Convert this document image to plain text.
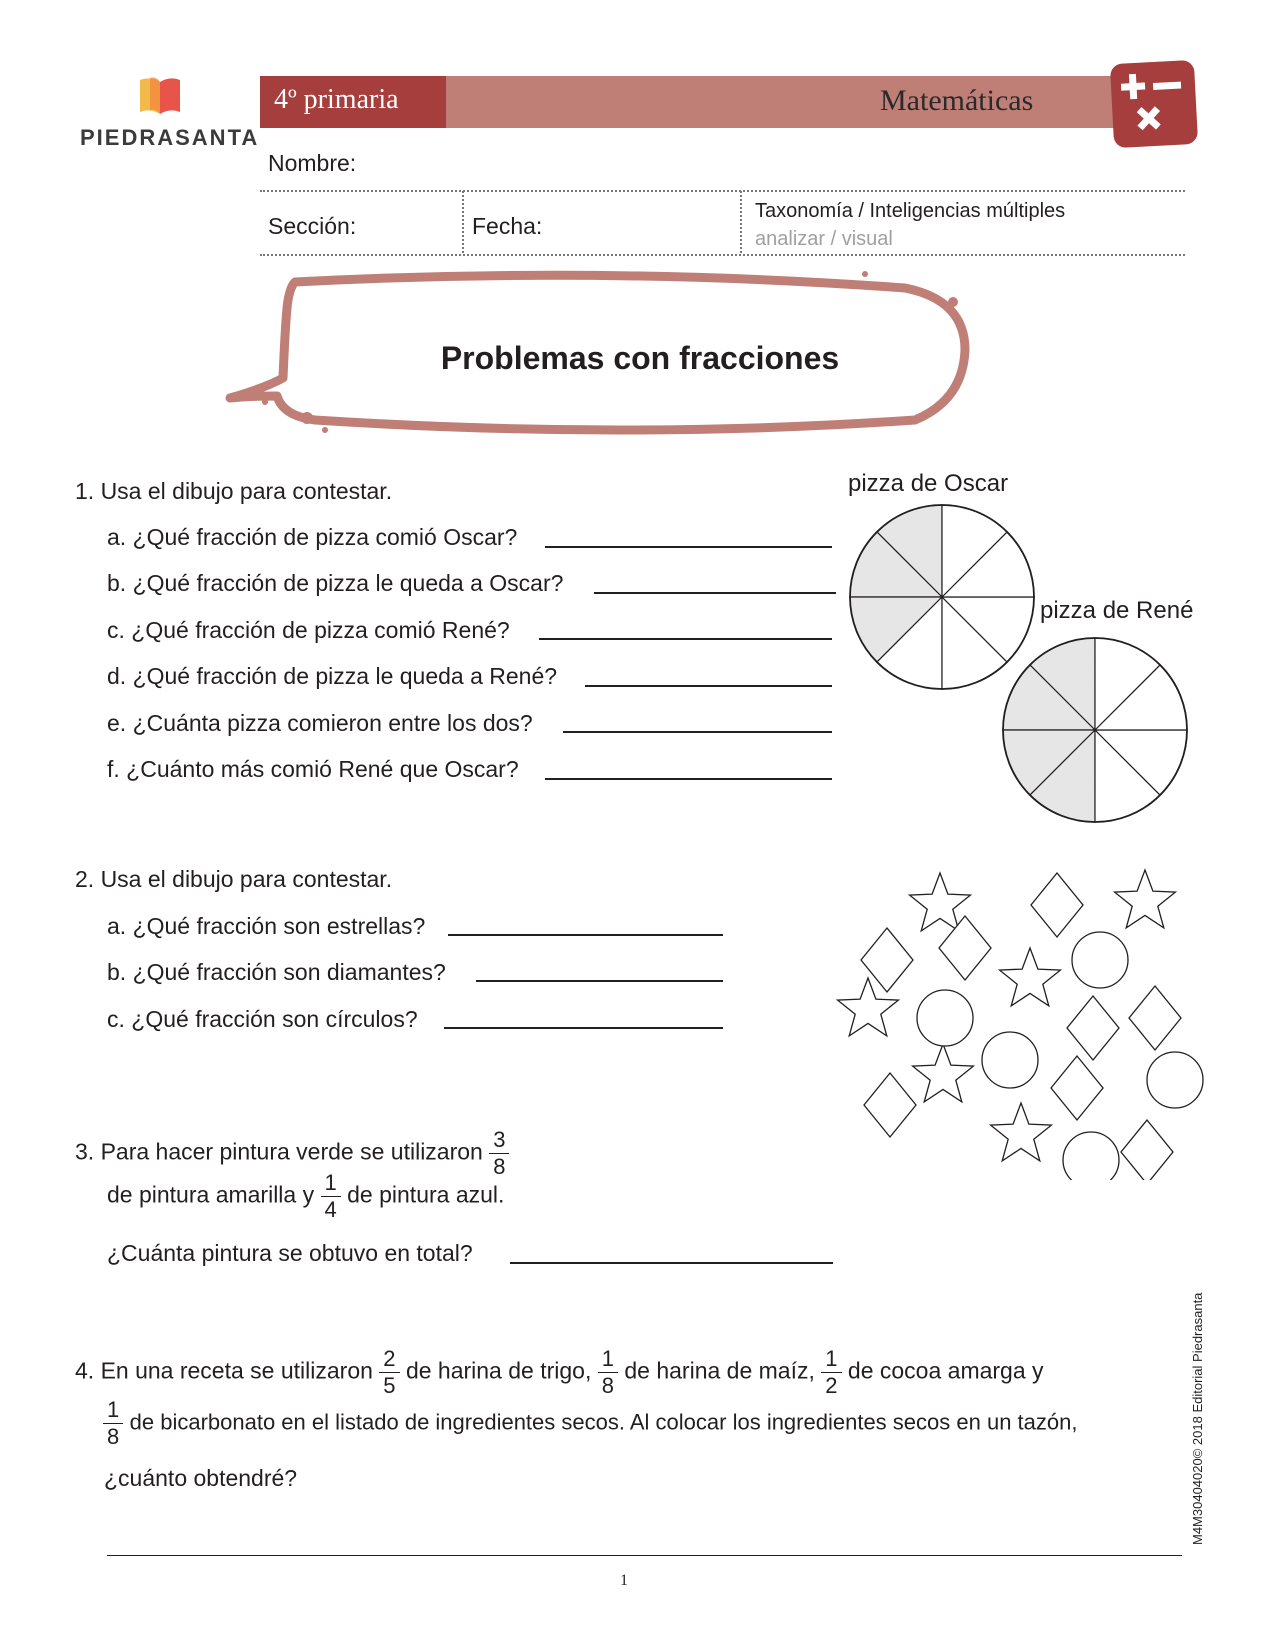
PIEDRASANTA
4º primaria	Matemáticas
Nombre:
Sección:	Fecha:
Taxonomía / Inteligencias múltiples
analizar / visual
Problemas con fracciones
1. Usa el dibujo para contestar.
a. ¿Qué fracción de pizza comió Oscar?
b. ¿Qué fracción de pizza le queda a Oscar?
c. ¿Qué fracción de pizza comió René?
d. ¿Qué fracción de pizza le queda a René?
e. ¿Cuánta pizza comieron entre los dos?
f. ¿Cuánto más comió René que Oscar?
pizza de Oscar
pizza de René
2. Usa el dibujo para contestar.
a. ¿Qué fracción son estrellas?
b. ¿Qué fracción son diamantes?
c. ¿Qué fracción son círculos?
3. Para hacer pintura verde se utilizaron $\frac{3}{8}$
de pintura amarilla y $\frac{1}{4}$ de pintura azul.
¿Cuánta pintura se obtuvo en total?
4. En una receta se utilizaron $\frac{2}{5}$ de harina de trigo, $\frac{1}{8}$ de harina de maíz, $\frac{1}{2}$ de cocoa amarga y
$\frac{1}{8}$ de bicarbonato en el listado de ingredientes secos. Al colocar los ingredientes secos en un tazón,
¿cuánto obtendré?
1
M4M3040402​0© 2018 Editorial Piedrasanta
